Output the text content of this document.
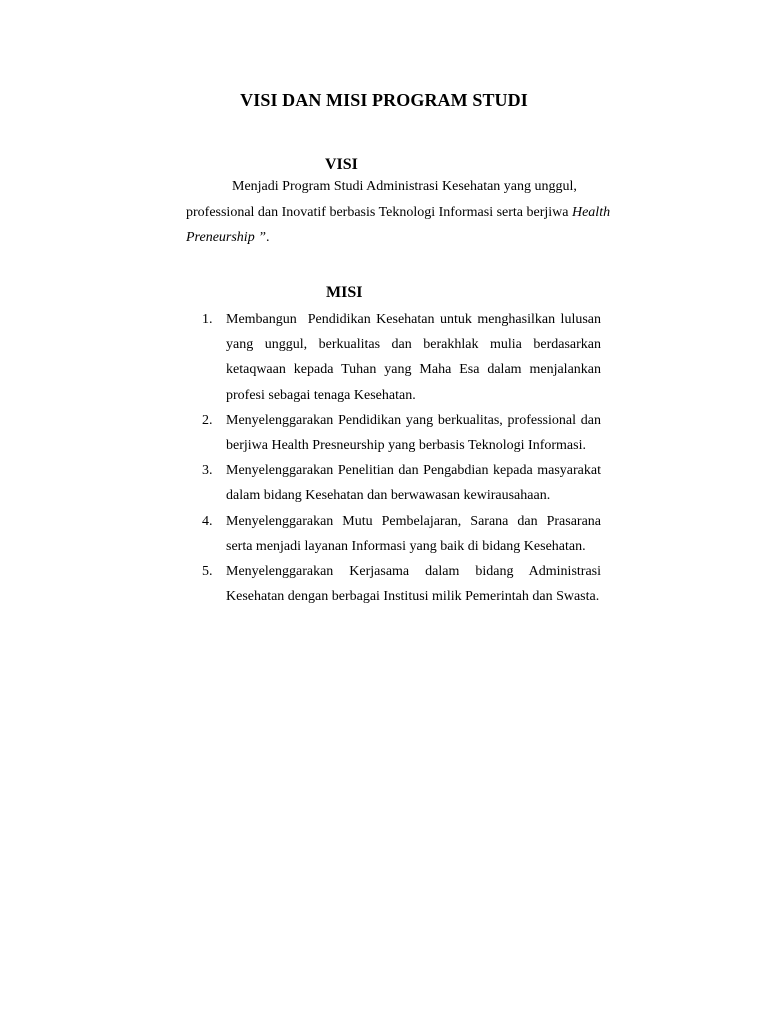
VISI DAN MISI PROGRAM STUDI
VISI
Menjadi Program Studi Administrasi Kesehatan yang unggul,
professional dan Inovatif berbasis Teknologi Informasi serta berjiwa Health
Preneurship ”.
MISI
1. Membangun  Pendidikan Kesehatan untuk menghasilkan lulusan yang unggul, berkualitas dan berakhlak mulia berdasarkan ketaqwaan kepada Tuhan yang Maha Esa dalam menjalankan profesi sebagai tenaga Kesehatan.
2. Menyelenggarakan Pendidikan yang berkualitas, professional dan berjiwa Health Presneurship yang berbasis Teknologi Informasi.
3. Menyelenggarakan Penelitian dan Pengabdian kepada masyarakat dalam bidang Kesehatan dan berwawasan kewirausahaan.
4. Menyelenggarakan Mutu Pembelajaran, Sarana dan Prasarana serta menjadi layanan Informasi yang baik di bidang Kesehatan.
5. Menyelenggarakan Kerjasama dalam bidang Administrasi Kesehatan dengan berbagai Institusi milik Pemerintah dan Swasta.
